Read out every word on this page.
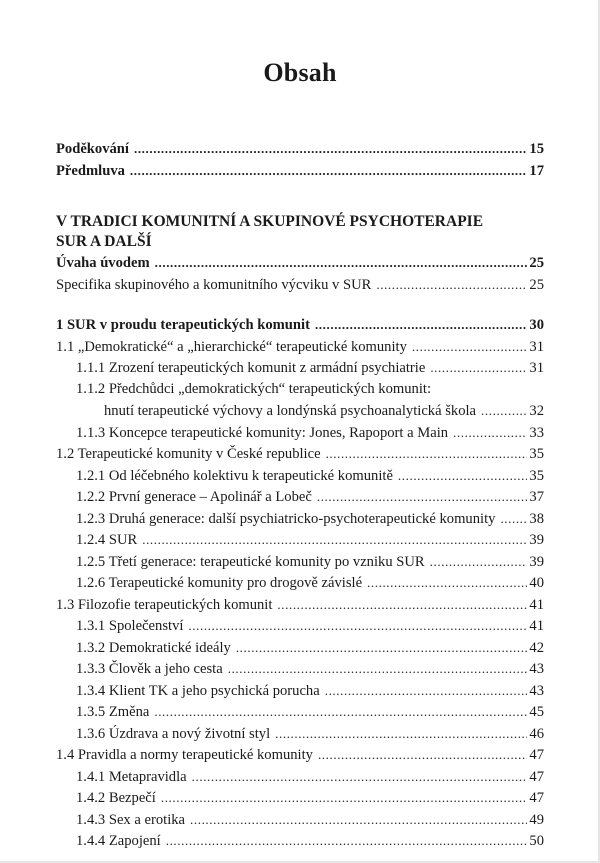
Obsah
Poděkování .....	15
Předmluva .....	17
V TRADICI KOMUNITNÍ A SKUPINOVÉ PSYCHOTERAPIE
SUR A DALŠÍ
Úvaha úvodem .....	25
Specifika skupinového a komunitního výcviku v SUR .....	25
1 SUR v proudu terapeutických komunit .....	30
1.1 „Demokratické“ a „hierarchické“ terapeutické komunity .....	31
1.1.1 Zrození terapeutických komunit z armádní psychiatrie .....	31
1.1.2 Předchůdci „demokratických“ terapeutických komunit:
hnutí terapeutické výchovy a londýnská psychoanalytická škola .....	32
1.1.3 Koncepce terapeutické komunity: Jones, Rapoport a Main .....	33
1.2 Terapeutické komunity v České republice .....	35
1.2.1 Od léčebného kolektivu k terapeutické komunitě .....	35
1.2.2 První generace – Apolinář a Lobeč .....	37
1.2.3 Druhá generace: další psychiatricko-psychoterapeutické komunity ..... 38
1.2.4 SUR .....	39
1.2.5 Třetí generace: terapeutické komunity po vzniku SUR .....	39
1.2.6 Terapeutické komunity pro drogově závislé .....	40
1.3 Filozofie terapeutických komunit .....	41
1.3.1 Společenství .....	41
1.3.2 Demokratické ideály .....	42
1.3.3 Člověk a jeho cesta .....	43
1.3.4 Klient TK a jeho psychická porucha .....	43
1.3.5 Změna .....	45
1.3.6 Úzdrava a nový životní styl .....	46
1.4 Pravidla a normy terapeutické komunity .....	47
1.4.1 Metapravidla .....	47
1.4.2 Bezpečí .....	47
1.4.3 Sex a erotika .....	49
1.4.4 Zapojení .....	50
